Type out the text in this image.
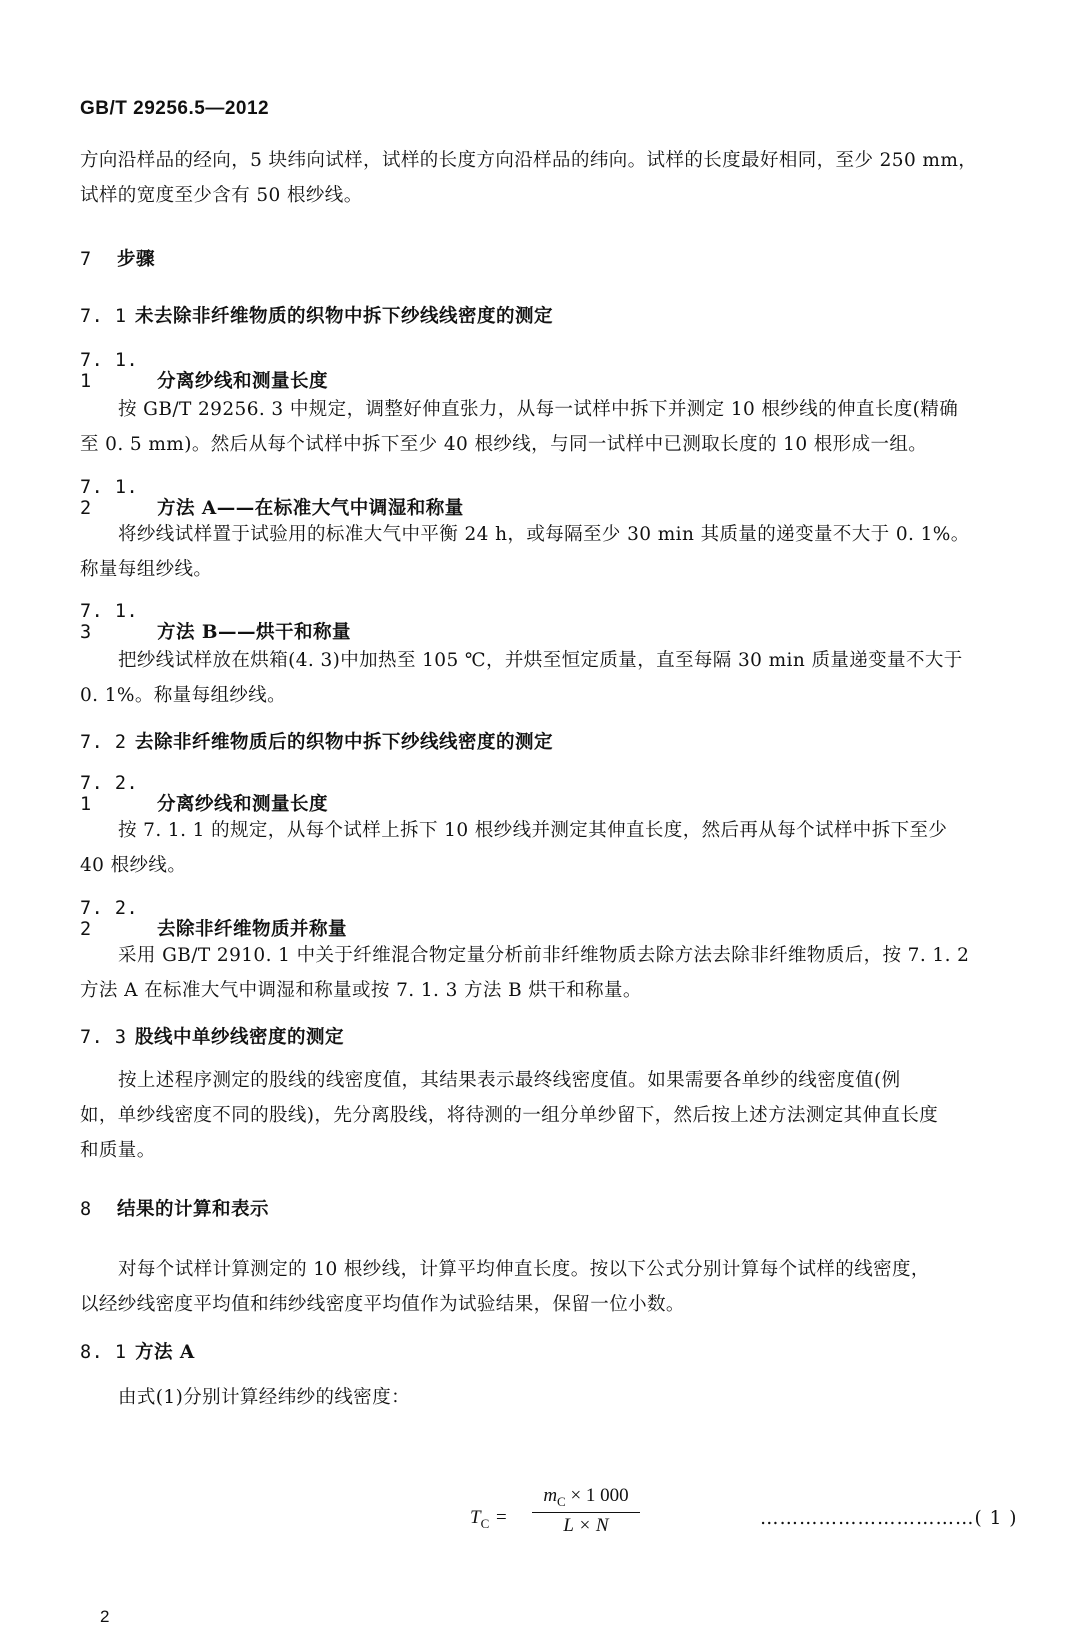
GB/T 29256.5—2012
方向沿样品的经向，5 块纬向试样，试样的长度方向沿样品的纬向。试样的长度最好相同，至少 250 mm，
试样的宽度至少含有 50 根纱线。
7 步骤
7. 1 未去除非纤维物质的织物中拆下纱线线密度的测定
7. 1. 1	分离纱线和测量长度
按 GB/T 29256. 3 中规定，调整好伸直张力，从每一试样中拆下并测定 10 根纱线的伸直长度(精确
至 0. 5 mm)。然后从每个试样中拆下至少 40 根纱线，与同一试样中已测取长度的 10 根形成一组。
7. 1. 2	方法 A——在标准大气中调湿和称量
将纱线试样置于试验用的标准大气中平衡 24 h，或每隔至少 30 min 其质量的递变量不大于 0. 1%。
称量每组纱线。
7. 1. 3	方法 B——烘干和称量
把纱线试样放在烘箱(4. 3)中加热至 105 ℃，并烘至恒定质量，直至每隔 30 min 质量递变量不大于
0. 1%。称量每组纱线。
7. 2 去除非纤维物质后的织物中拆下纱线线密度的测定
7. 2. 1	分离纱线和测量长度
按 7. 1. 1 的规定，从每个试样上拆下 10 根纱线并测定其伸直长度，然后再从每个试样中拆下至少
40 根纱线。
7. 2. 2	去除非纤维物质并称量
采用 GB/T 2910. 1 中关于纤维混合物定量分析前非纤维物质去除方法去除非纤维物质后，按 7. 1. 2
方法 A 在标准大气中调湿和称量或按 7. 1. 3 方法 B 烘干和称量。
7. 3 股线中单纱线密度的测定
按上述程序测定的股线的线密度值，其结果表示最终线密度值。如果需要各单纱的线密度值(例
如，单纱线密度不同的股线)，先分离股线，将待测的一组分单纱留下，然后按上述方法测定其伸直长度
和质量。
8 结果的计算和表示
对每个试样计算测定的 10 根纱线，计算平均伸直长度。按以下公式分别计算每个试样的线密度，
以经纱线密度平均值和纬纱线密度平均值作为试验结果，保留一位小数。
8. 1 方法 A
由式(1)分别计算经纬纱的线密度：
$T_C$ =
$m_C \times 1$ 000
L × N	……………………………( 1 )
2
